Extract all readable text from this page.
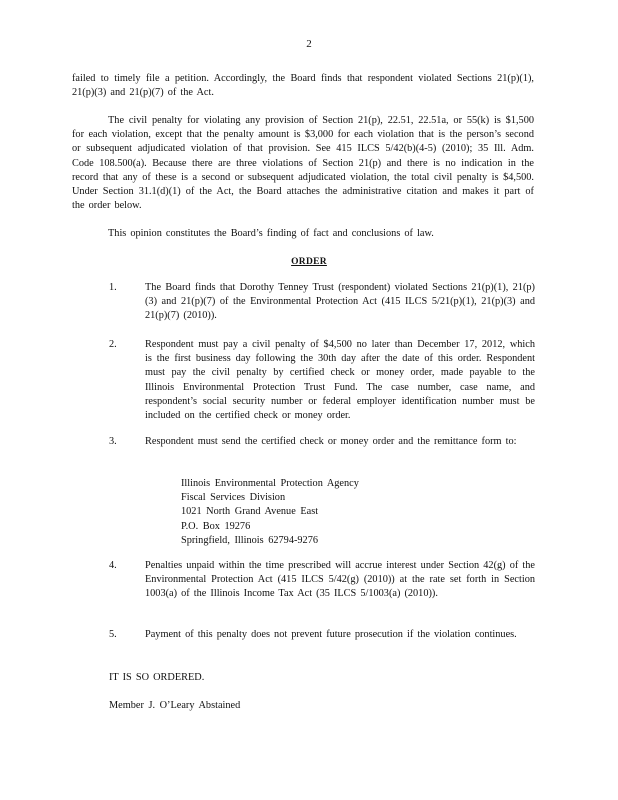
2

failed to timely file a petition. Accordingly, the Board finds that respondent violated Sections 21(p)(1), 21(p)(3) and 21(p)(7) of the Act.

The civil penalty for violating any provision of Section 21(p), 22.51, 22.51a, or 55(k) is $1,500 for each violation, except that the penalty amount is $3,000 for each violation that is the person’s second or subsequent adjudicated violation of that provision. See 415 ILCS 5/42(b)(4-5) (2010); 35 Ill. Adm. Code 108.500(a). Because there are three violations of Section 21(p) and there is no indication in the record that any of these is a second or subsequent adjudicated violation, the total civil penalty is $4,500. Under Section 31.1(d)(1) of the Act, the Board attaches the administrative citation and makes it part of the order below.

This opinion constitutes the Board’s finding of fact and conclusions of law.

ORDER
1.	The Board finds that Dorothy Tenney Trust (respondent) violated Sections 21(p)(1), 21(p)(3) and 21(p)(7) of the Environmental Protection Act (415 ILCS 5/21(p)(1), 21(p)(3) and 21(p)(7) (2010)).

2.	Respondent must pay a civil penalty of $4,500 no later than December 17, 2012, which is the first business day following the 30th day after the date of this order. Respondent must pay the civil penalty by certified check or money order, made payable to the Illinois Environmental Protection Trust Fund. The case number, case name, and respondent’s social security number or federal employer identification number must be included on the certified check or money order.

3.	Respondent must send the certified check or money order and the remittance form to:

Illinois Environmental Protection Agency
Fiscal Services Division
1021 North Grand Avenue East
P.O. Box 19276
Springfield, Illinois 62794-9276
4.	Penalties unpaid within the time prescribed will accrue interest under Section 42(g) of the Environmental Protection Act (415 ILCS 5/42(g) (2010)) at the rate set forth in Section 1003(a) of the Illinois Income Tax Act (35 ILCS 5/1003(a) (2010)).

5.	Payment of this penalty does not prevent future prosecution if the violation continues.

IT IS SO ORDERED.
Member J. O’Leary Abstained
